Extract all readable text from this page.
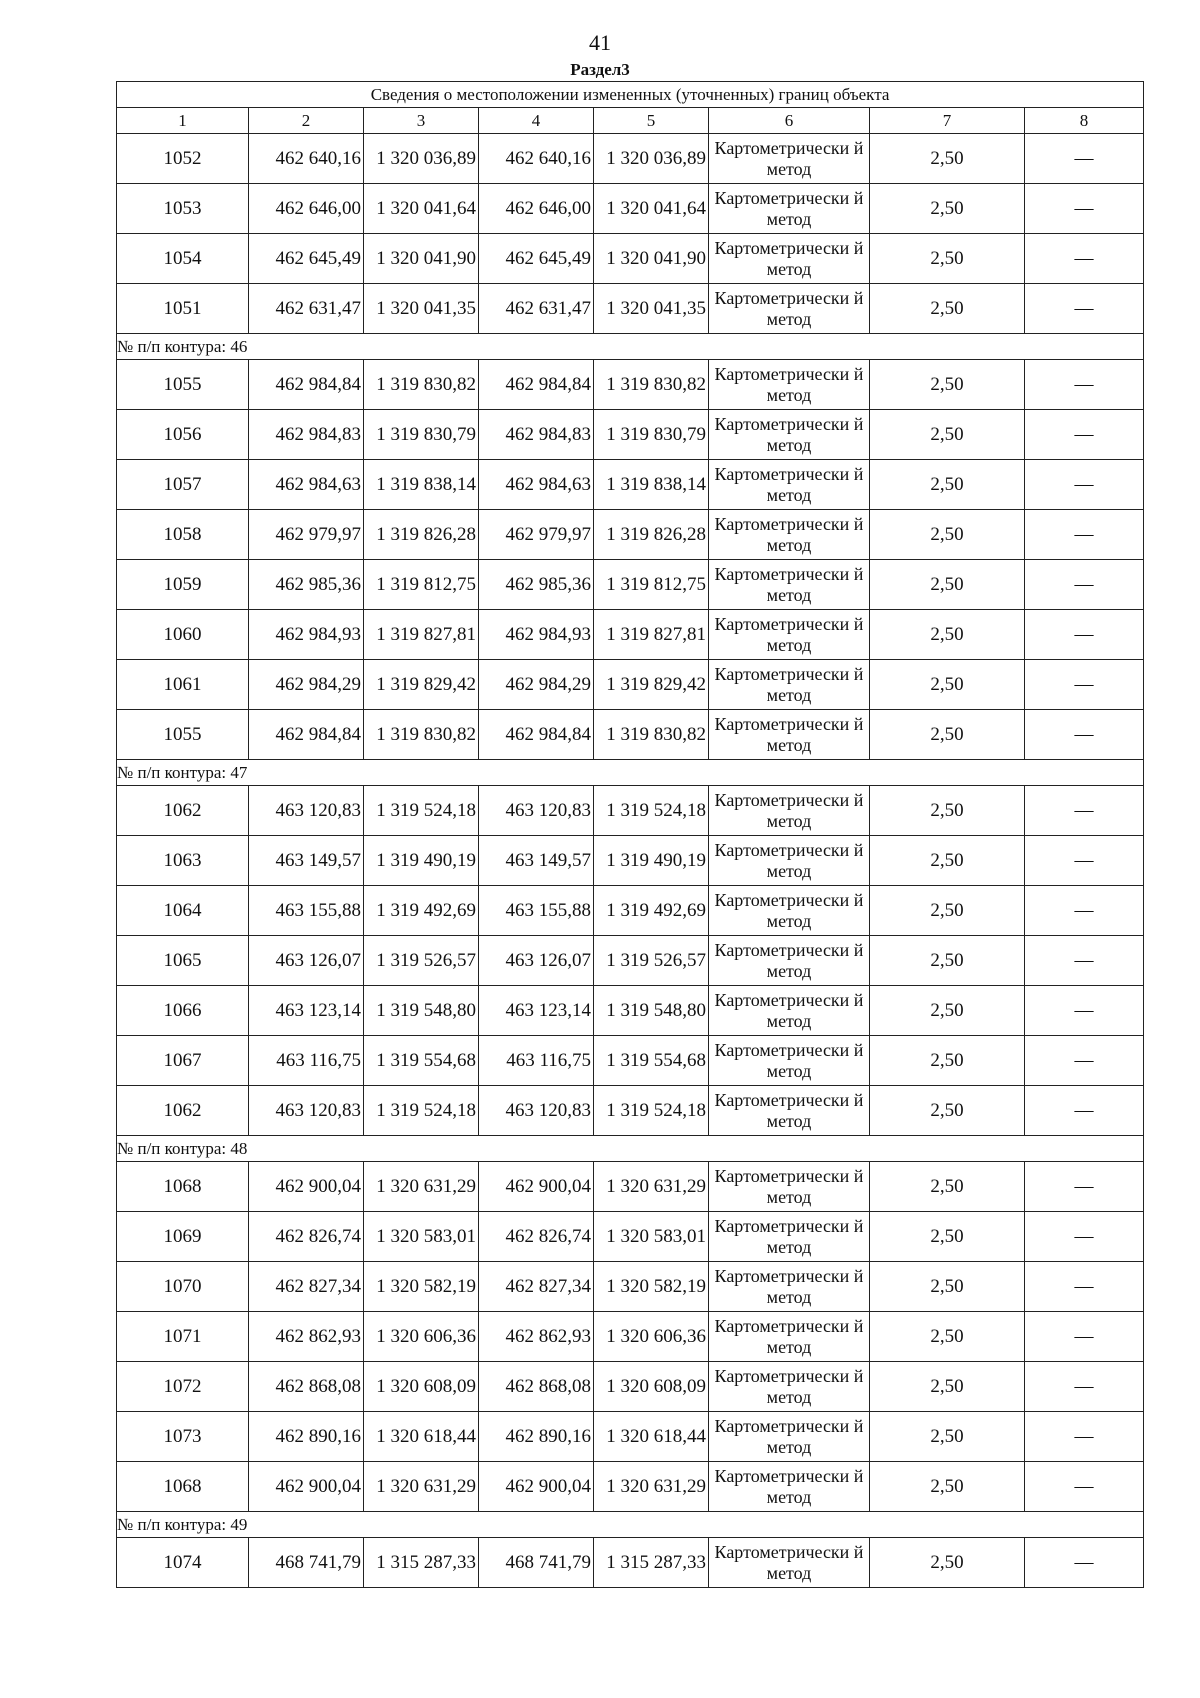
41
Раздел3
Сведения о местоположении измененных (уточненных) границ объекта							
1	2	3	4	5	6	7	8
1052	462 640,16	1 320 036,89	462 640,16	1 320 036,89	Картометрически й метод	2,50	—
1053	462 646,00	1 320 041,64	462 646,00	1 320 041,64	Картометрически й метод	2,50	—
1054	462 645,49	1 320 041,90	462 645,49	1 320 041,90	Картометрически й метод	2,50	—
1051	462 631,47	1 320 041,35	462 631,47	1 320 041,35	Картометрически й метод	2,50	—
№ п/п контура: 46							
1055	462 984,84	1 319 830,82	462 984,84	1 319 830,82	Картометрически й метод	2,50	—
1056	462 984,83	1 319 830,79	462 984,83	1 319 830,79	Картометрически й метод	2,50	—
1057	462 984,63	1 319 838,14	462 984,63	1 319 838,14	Картометрически й метод	2,50	—
1058	462 979,97	1 319 826,28	462 979,97	1 319 826,28	Картометрически й метод	2,50	—
1059	462 985,36	1 319 812,75	462 985,36	1 319 812,75	Картометрически й метод	2,50	—
1060	462 984,93	1 319 827,81	462 984,93	1 319 827,81	Картометрически й метод	2,50	—
1061	462 984,29	1 319 829,42	462 984,29	1 319 829,42	Картометрически й метод	2,50	—
1055	462 984,84	1 319 830,82	462 984,84	1 319 830,82	Картометрически й метод	2,50	—
№ п/п контура: 47							
1062	463 120,83	1 319 524,18	463 120,83	1 319 524,18	Картометрически й метод	2,50	—
1063	463 149,57	1 319 490,19	463 149,57	1 319 490,19	Картометрически й метод	2,50	—
1064	463 155,88	1 319 492,69	463 155,88	1 319 492,69	Картометрически й метод	2,50	—
1065	463 126,07	1 319 526,57	463 126,07	1 319 526,57	Картометрически й метод	2,50	—
1066	463 123,14	1 319 548,80	463 123,14	1 319 548,80	Картометрически й метод	2,50	—
1067	463 116,75	1 319 554,68	463 116,75	1 319 554,68	Картометрически й метод	2,50	—
1062	463 120,83	1 319 524,18	463 120,83	1 319 524,18	Картометрически й метод	2,50	—
№ п/п контура: 48							
1068	462 900,04	1 320 631,29	462 900,04	1 320 631,29	Картометрически й метод	2,50	—
1069	462 826,74	1 320 583,01	462 826,74	1 320 583,01	Картометрически й метод	2,50	—
1070	462 827,34	1 320 582,19	462 827,34	1 320 582,19	Картометрически й метод	2,50	—
1071	462 862,93	1 320 606,36	462 862,93	1 320 606,36	Картометрически й метод	2,50	—
1072	462 868,08	1 320 608,09	462 868,08	1 320 608,09	Картометрически й метод	2,50	—
1073	462 890,16	1 320 618,44	462 890,16	1 320 618,44	Картометрически й метод	2,50	—
1068	462 900,04	1 320 631,29	462 900,04	1 320 631,29	Картометрически й метод	2,50	—
№ п/п контура: 49							
1074	468 741,79	1 315 287,33	468 741,79	1 315 287,33	Картометрически й метод	2,50	—
